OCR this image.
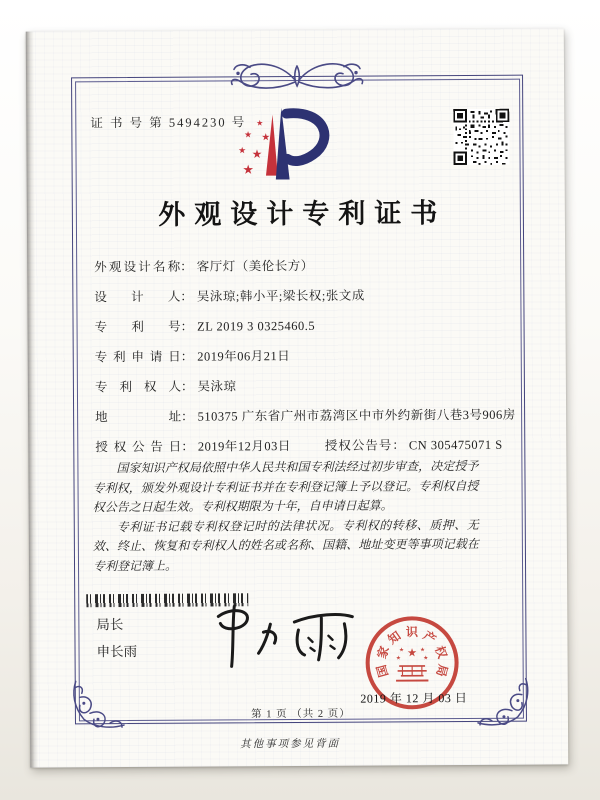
证 书 号 第 5494230 号 ★
★ ★
★ ★
★
外观设计专利证书
外观设计名称： 客厅灯（美伦长方）
设计人： 吴泳琼;韩小平;梁长权;张文成
专利号： ZL 2019 3 0325460.5
专利申请日： 2019年06月21日
专利权人： 吴泳琼
地址： 510375 广东省广州市荔湾区中市外约新街八巷3号906房
授权公告日： 2019年12月03日	授权公告号： CN 305475071 S

国家知识产权局依照中华人民共和国专利法经过初步审查，决定授予专利权，颁发外观设计专利证书并在专利登记簿上予以登记。专利权自授权公告之日起生效。专利权期限为十年，自申请日起算。

专利证书记载专利权登记时的法律状况。专利权的转移、质押、无效、终止、恢复和专利权人的姓名或名称、国籍、地址变更等事项记载在专利登记簿上。

局长
申长雨
国
家
知 识 产
权
局
★
★ ★
★	★
2019 年 12 月 03 日
第 1 页 （共 2 页）
其他事项参见背面
